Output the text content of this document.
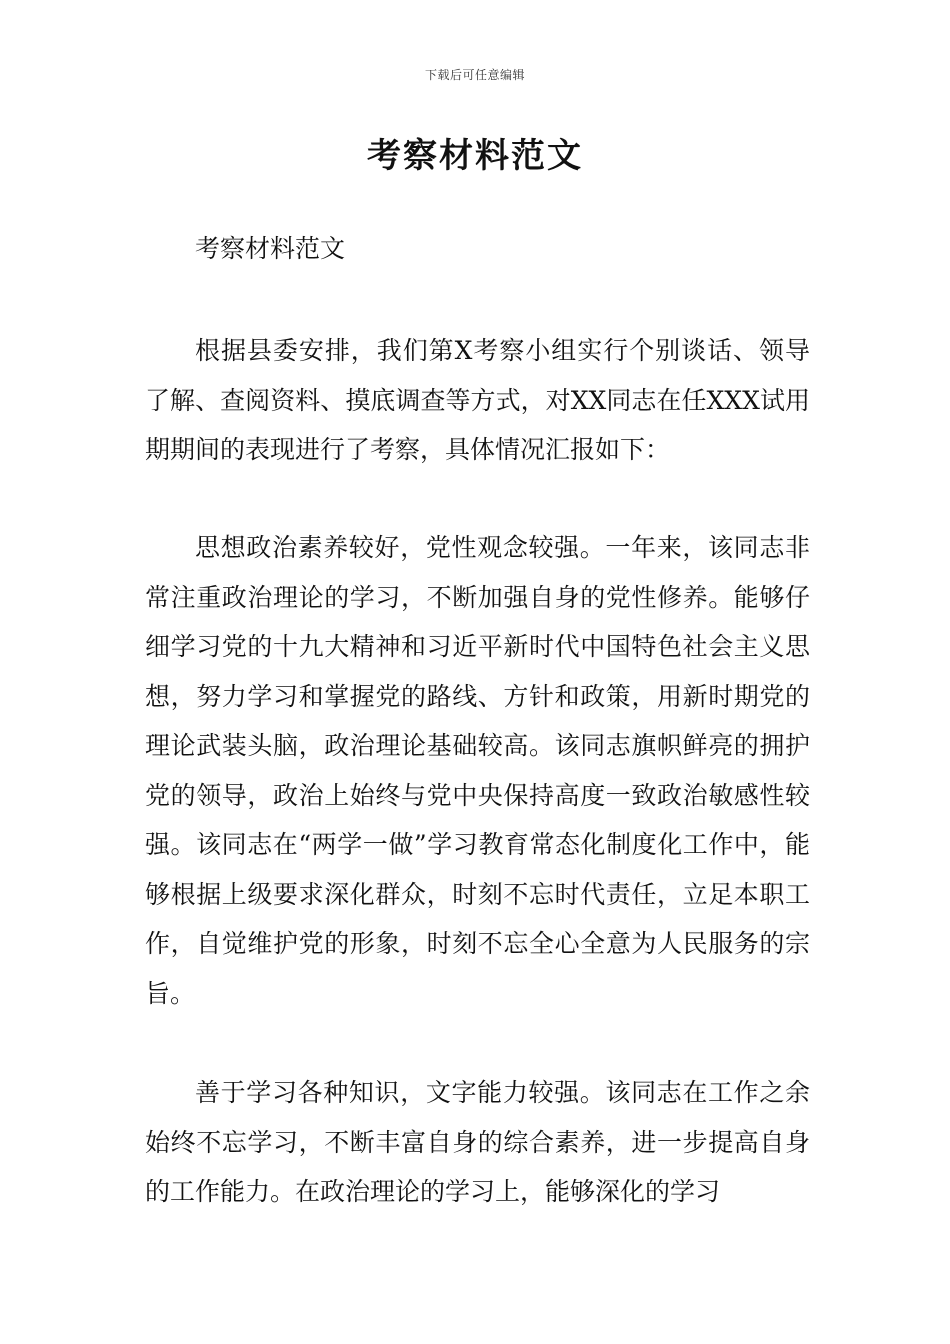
下载后可任意编辑
考察材料范文

考察材料范文

根据县委安排，我们第X考察小组实行个别谈话、领导了解、查阅资料、摸底调查等方式，对XX同志在任XXX试用期期间的表现进行了考察，具体情况汇报如下：

思想政治素养较好，党性观念较强。一年来，该同志非常注重政治理论的学习，不断加强自身的党性修养。能够仔细学习党的十九大精神和习近平新时代中国特色社会主义思想，努力学习和掌握党的路线、方针和政策，用新时期党的理论武装头脑，政治理论基础较高。该同志旗帜鲜亮的拥护党的领导，政治上始终与党中央保持高度一致政治敏感性较强。该同志在“两学一做”学习教育常态化制度化工作中，能够根据上级要求深化群众，时刻不忘时代责任，立足本职工作，自觉维护党的形象，时刻不忘全心全意为人民服务的宗旨。

善于学习各种知识，文字能力较强。该同志在工作之余始终不忘学习，不断丰富自身的综合素养，进一步提高自身的工作能力。在政治理论的学习上，能够深化的学习
